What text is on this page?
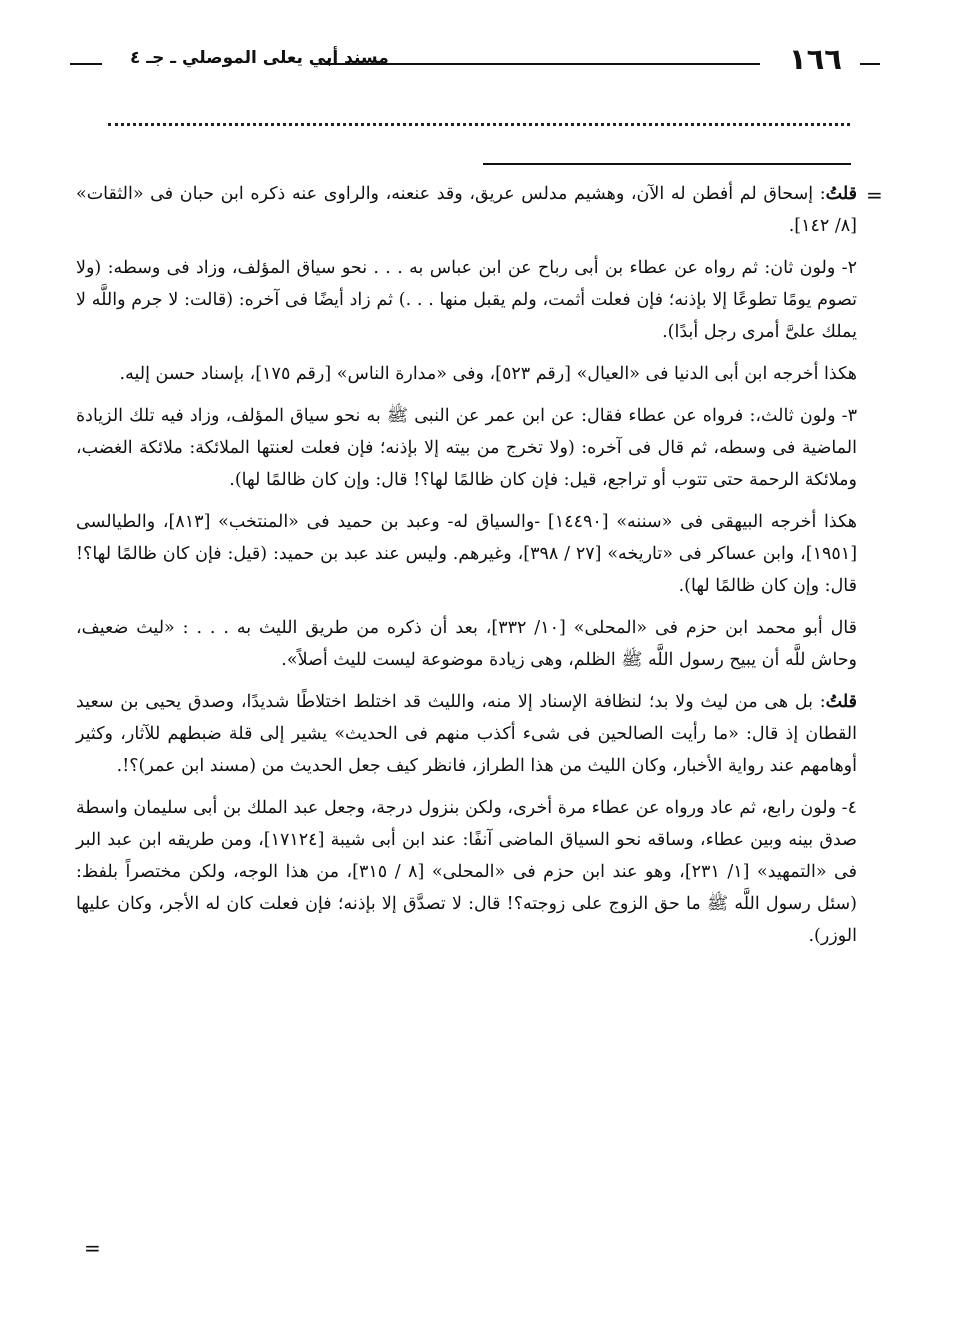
مسند أبي يعلى الموصلي ـ جـ ٤	١٦٦
=

قلتُ: إسحاق لم أفطن له الآن، وهشيم مدلس عريق، وقد عنعنه، والراوى عنه ذكره ابن حبان فى «الثقات» [٨/ ١٤٢].

٢- ولون ثان: ثم رواه عن عطاء بن أبى رباح عن ابن عباس به . . . نحو سياق المؤلف، وزاد فى وسطه: (ولا تصوم يومًا تطوعًا إلا بإذنه؛ فإن فعلت أثمت، ولم يقبل منها . . .) ثم زاد أيضًا فى آخره: (قالت: لا جرم واللَّه لا يملك علىَّ أمرى رجل أبدًا).

هكذا أخرجه ابن أبى الدنيا فى «العيال» [رقم ٥٢٣]، وفى «مدارة الناس» [رقم ١٧٥]، بإسناد حسن إليه.

٣- ولون ثالث،: فرواه عن عطاء فقال: عن ابن عمر عن النبى ﷺ به نحو سياق المؤلف، وزاد فيه تلك الزيادة الماضية فى وسطه، ثم قال فى آخره: (ولا تخرج من بيته إلا بإذنه؛ فإن فعلت لعنتها الملائكة: ملائكة الغضب، وملائكة الرحمة حتى تتوب أو تراجع، قيل: فإن كان ظالمًا لها؟! قال: وإن كان ظالمًا لها).

هكذا أخرجه البيهقى فى «سننه» [١٤٤٩٠] -والسياق له- وعبد بن حميد فى «المنتخب» [٨١٣]، والطيالسى [١٩٥١]، وابن عساكر فى «تاريخه» [٢٧ / ٣٩٨]، وغيرهم. وليس عند عبد بن حميد: (قيل: فإن كان ظالمًا لها؟! قال: وإن كان ظالمًا لها).

قال أبو محمد ابن حزم فى «المحلى» [١٠/ ٣٣٢]، بعد أن ذكره من طريق الليث به . . . : «ليث ضعيف، وحاش للَّه أن يبيح رسول اللَّه ﷺ الظلم، وهى زيادة موضوعة ليست لليث أصلاً».

قلتُ: بل هى من ليث ولا بد؛ لنظافة الإسناد إلا منه، والليث قد اختلط اختلاطًا شديدًا، وصدق يحيى بن سعيد القطان إذ قال: «ما رأيت الصالحين فى شىء أكذب منهم فى الحديث» يشير إلى قلة ضبطهم للآثار، وكثير أوهامهم عند رواية الأخبار، وكان الليث من هذا الطراز، فانظر كيف جعل الحديث من (مسند ابن عمر)؟!.

٤- ولون رابع، ثم عاد ورواه عن عطاء مرة أخرى، ولكن بنزول درجة، وجعل عبد الملك بن أبى سليمان واسطة صدق بينه وبين عطاء، وساقه نحو السياق الماضى آنفًا: عند ابن أبى شيبة [١٧١٢٤]، ومن طريقه ابن عبد البر فى «التمهيد» [١/ ٢٣١]، وهو عند ابن حزم فى «المحلى» [٨ / ٣١٥]، من هذا الوجه، ولكن مختصراً بلفظ: (سئل رسول اللَّه ﷺ ما حق الزوج على زوجته؟! قال: لا تصدَّق إلا بإذنه؛ فإن فعلت كان له الأجر، وكان عليها الوزر).

=
